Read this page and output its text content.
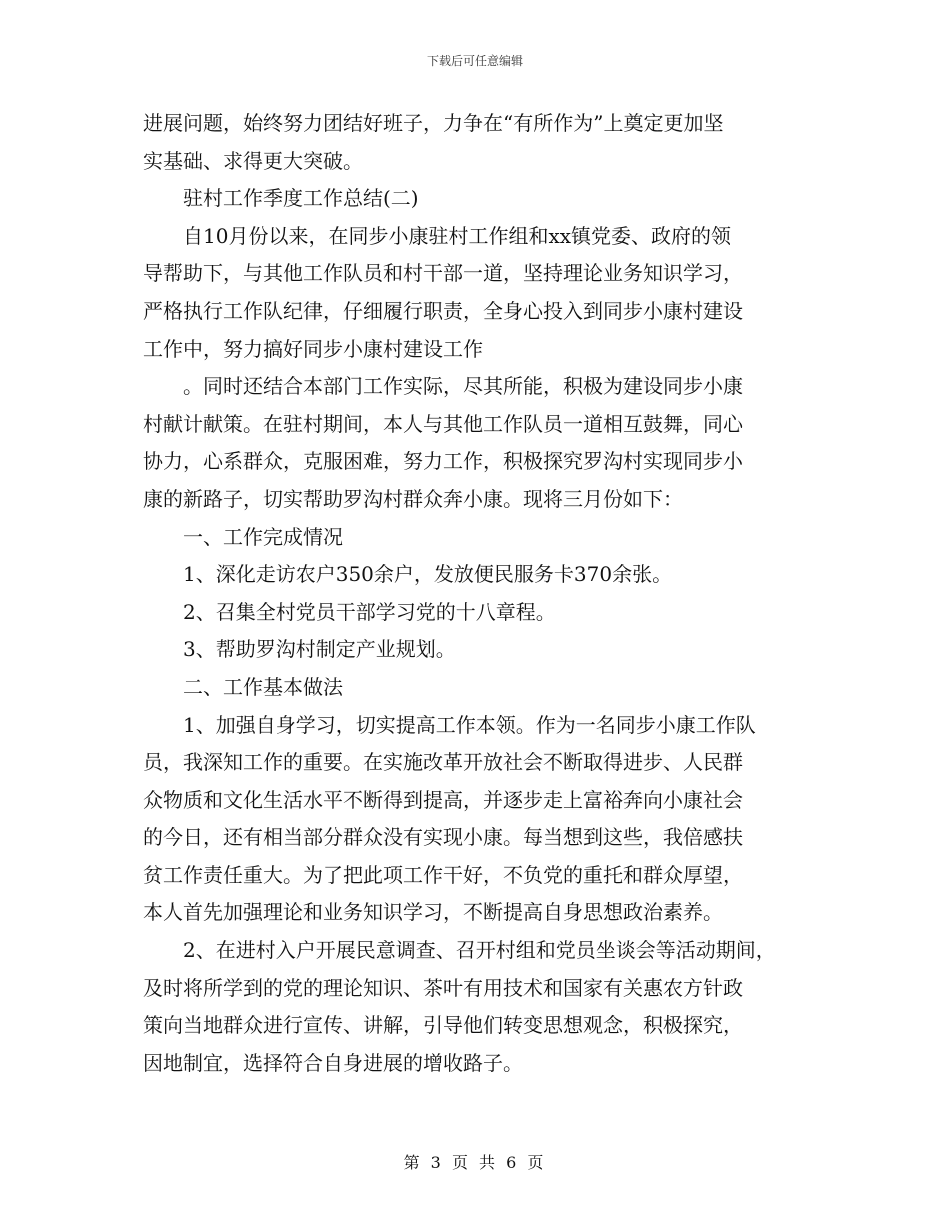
下载后可任意编辑
进展问题，始终努力团结好班子，力争在“有所作为”上奠定更加坚
实基础、求得更大突破。
驻村工作季度工作总结(二)
自10月份以来，在同步小康驻村工作组和xx镇党委、政府的领
导帮助下，与其他工作队员和村干部一道，坚持理论业务知识学习，
严格执行工作队纪律，仔细履行职责，全身心投入到同步小康村建设
工作中，努力搞好同步小康村建设工作
。同时还结合本部门工作实际，尽其所能，积极为建设同步小康
村献计献策。在驻村期间，本人与其他工作队员一道相互鼓舞，同心
协力，心系群众，克服困难，努力工作，积极探究罗沟村实现同步小
康的新路子，切实帮助罗沟村群众奔小康。现将三月份如下：
一、工作完成情况
1、深化走访农户350余户，发放便民服务卡370余张。
2、召集全村党员干部学习党的十八章程。
3、帮助罗沟村制定产业规划。
二、工作基本做法
1、加强自身学习，切实提高工作本领。作为一名同步小康工作队
员，我深知工作的重要。在实施改革开放社会不断取得进步、人民群
众物质和文化生活水平不断得到提高，并逐步走上富裕奔向小康社会
的今日，还有相当部分群众没有实现小康。每当想到这些，我倍感扶
贫工作责任重大。为了把此项工作干好，不负党的重托和群众厚望，
本人首先加强理论和业务知识学习，不断提高自身思想政治素养。
2、在进村入户开展民意调查、召开村组和党员坐谈会等活动期间，
及时将所学到的党的理论知识、茶叶有用技术和国家有关惠农方针政
策向当地群众进行宣传、讲解，引导他们转变思想观念，积极探究，
因地制宜，选择符合自身进展的增收路子。
第 3 页 共 6 页
